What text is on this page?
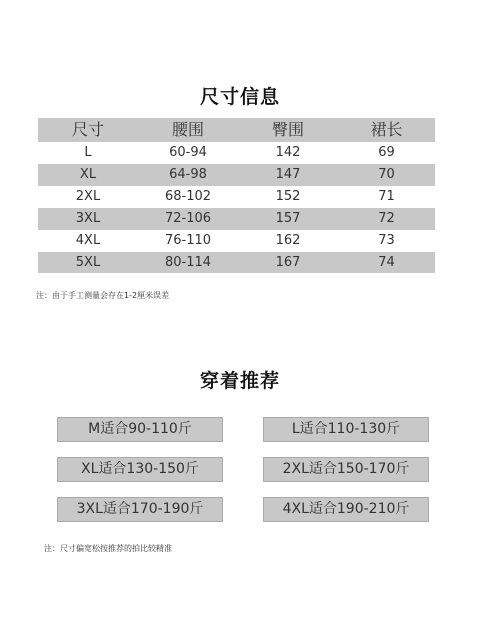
尺寸信息
尺寸	腰围	臀围	裙长
L	60-94	142	69
XL	64-98	147	70
2XL	68-102	152	71
3XL	72-106	157	72
4XL	76-110	162	73
5XL	80-114	167	74
注：由于手工测量会存在1-2厘米误差
穿着推荐
M适合90-110斤	L适合110-130斤
XL适合130-150斤	2XL适合150-170斤
3XL适合170-190斤	4XL适合190-210斤
注：尺寸偏宽松按推荐的拍比较精准
